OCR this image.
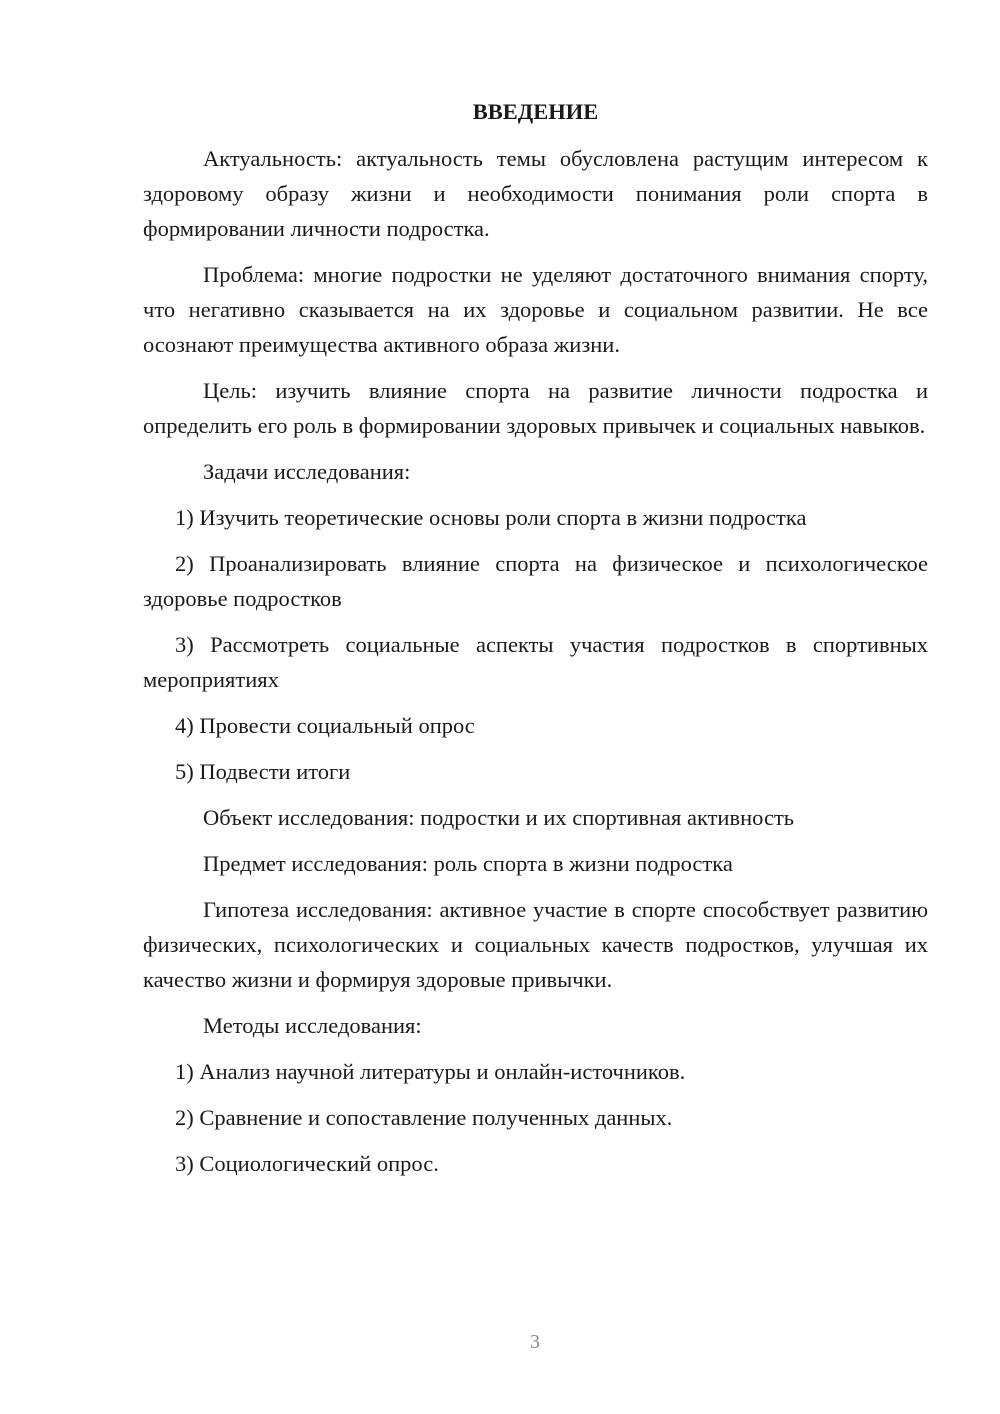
ВВЕДЕНИЕ
Актуальность: актуальность темы обусловлена растущим интересом к здоровому образу жизни и необходимости понимания роли спорта в формировании личности подростка.
Проблема: многие подростки не уделяют достаточного внимания спорту, что негативно сказывается на их здоровье и социальном развитии. Не все осознают преимущества активного образа жизни.
Цель: изучить влияние спорта на развитие личности подростка и определить его роль в формировании здоровых привычек и социальных навыков.
Задачи исследования:
1) Изучить теоретические основы роли спорта в жизни подростка
2) Проанализировать влияние спорта на физическое и психологическое здоровье подростков
3) Рассмотреть социальные аспекты участия подростков в спортивных мероприятиях
4) Провести социальный опрос
5) Подвести итоги
Объект исследования: подростки и их спортивная активность
Предмет исследования: роль спорта в жизни подростка
Гипотеза исследования: активное участие в спорте способствует развитию физических, психологических и социальных качеств подростков, улучшая их качество жизни и формируя здоровые привычки.
Методы исследования:
1) Анализ научной литературы и онлайн-источников.
2) Сравнение и сопоставление полученных данных.
3) Социологический опрос.
3
